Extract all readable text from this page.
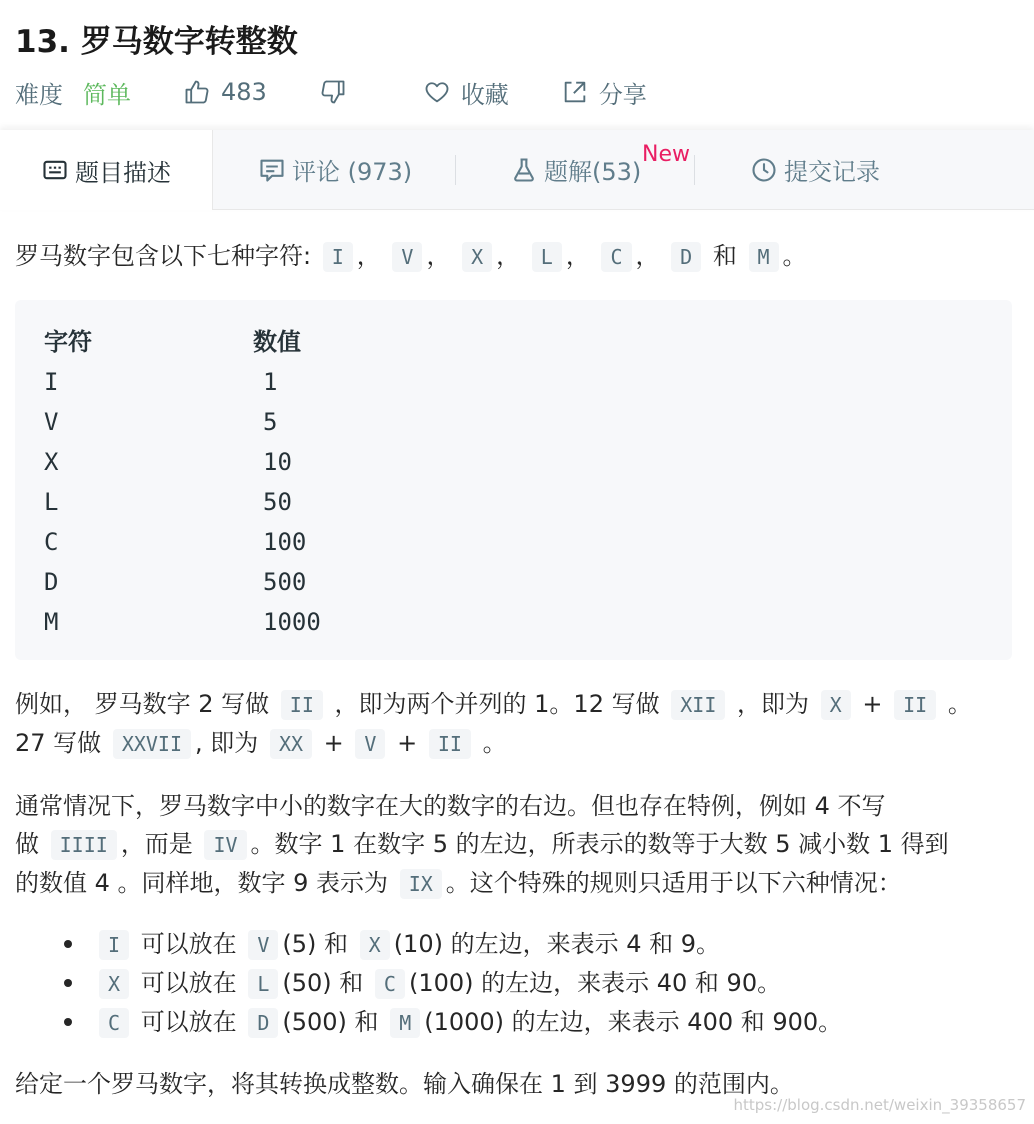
13. 罗马数字转整数
难度 简单	483	收藏	分享
题目描述	评论 (973)	题解(53)	提交记录
New
罗马数字包含以下七种字符: I ， V ， X ， L ， C ， D 和 M 。
字符	数值
I	1
V	5
X	10
L	50
C	100
D	500
M	1000
例如， 罗马数字 2 写做 II ，即为两个并列的 1。12 写做 XII ，即为 X + II 。
27 写做 XXVII , 即为 XX + V + II 。
通常情况下，罗马数字中小的数字在大的数字的右边。但也存在特例，例如 4 不写
做 IIII ，而是 IV 。数字 1 在数字 5 的左边，所表示的数等于大数 5 减小数 1 得到
的数值 4 。同样地，数字 9 表示为 IX 。这个特殊的规则只适用于以下六种情况：
I 可以放在 V (5) 和 X (10) 的左边，来表示 4 和 9。
X 可以放在 L (50) 和 C (100) 的左边，来表示 40 和 90。
C 可以放在 D (500) 和 M (1000) 的左边，来表示 400 和 900。
给定一个罗马数字，将其转换成整数。输入确保在 1 到 3999 的范围内。
https://blog.csdn.net/weixin_39358657
